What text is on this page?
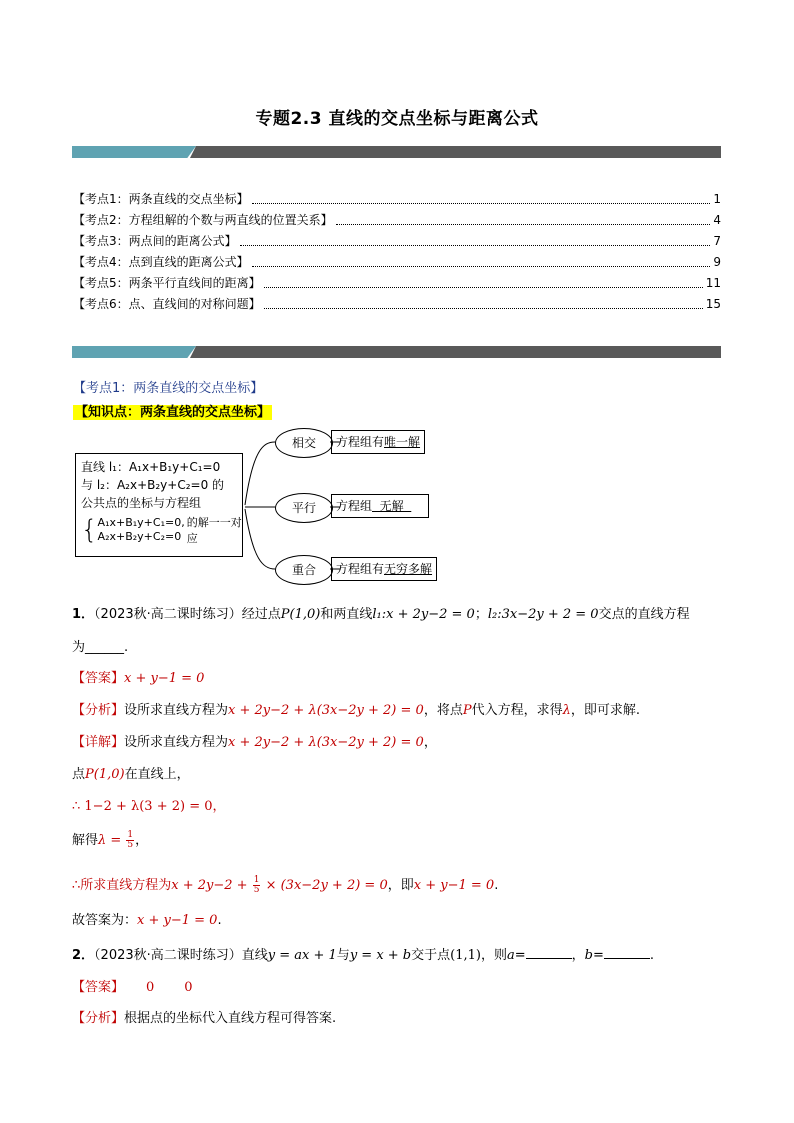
专题2.3 直线的交点坐标与距离公式
【考点1：两条直线的交点坐标】	1
【考点2：方程组解的个数与两直线的位置关系】	4
【考点3：两点间的距离公式】	7
【考点4：点到直线的距离公式】	9
【考点5：两条平行直线间的距离】	11
【考点6：点、直线间的对称问题】	15
【考点1：两条直线的交点坐标】
【知识点：两条直线的交点坐标】
直线 l₁：A₁x+B₁y+C₁=0
与 l₂：A₂x+B₂y+C₂=0 的
公共点的坐标与方程组
{ A₁x+B₁y+C₁=0,
A₂x+B₂y+C₂=0
的解一一对应
相交
平行
重合
方程组有唯一解
方程组  无解
方程组有无穷多解
1．（2023秋·高二课时练习）经过点P(1,0)和两直线l₁:x + 2y−2 = 0；l₂:3x−2y + 2 = 0交点的直线方程
为______.
【答案】x + y−1 = 0
【分析】设所求直线方程为x + 2y−2 + λ(3x−2y + 2) = 0，将点P代入方程，求得λ，即可求解.
【详解】设所求直线方程为x + 2y−2 + λ(3x−2y + 2) = 0，
点P(1,0)在直线上，
∴ 1−2 + λ(3 + 2) = 0，
解得$\lambda = \frac{1}{5}$ ，
∴所求直线方程为$x + 2y-2 + \frac{1}{5} \times (3x-2y + 2) = 0$，即x + y−1 = 0.
故答案为：x + y−1 = 0.
2．（2023秋·高二课时练习）直线y = ax + 1与y = x + b交于点(1,1)，则a=	，b=	.
【答案】 0 0
【分析】根据点的坐标代入直线方程可得答案.
